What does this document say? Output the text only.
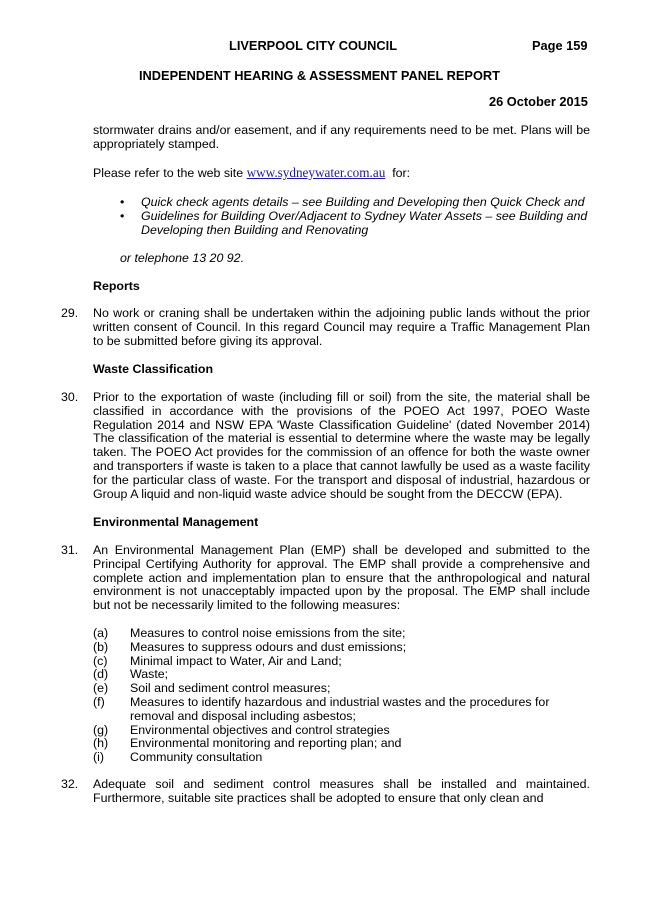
LIVERPOOL CITY COUNCIL	Page 159
INDEPENDENT HEARING & ASSESSMENT PANEL REPORT
26 October 2015
stormwater drains and/or easement, and if any requirements need to be met. Plans will be appropriately stamped.
Please refer to the web site www.sydneywater.com.au for:
• Quick check agents details – see Building and Developing then Quick Check and
• Guidelines for Building Over/Adjacent to Sydney Water Assets – see Building and Developing then Building and Renovating
or telephone 13 20 92.
Reports
29. No work or craning shall be undertaken within the adjoining public lands without the prior written consent of Council. In this regard Council may require a Traffic Management Plan to be submitted before giving its approval.
Waste Classification
30. Prior to the exportation of waste (including fill or soil) from the site, the material shall be classified in accordance with the provisions of the POEO Act 1997, POEO Waste Regulation 2014 and NSW EPA 'Waste Classification Guideline' (dated November 2014) The classification of the material is essential to determine where the waste may be legally taken. The POEO Act provides for the commission of an offence for both the waste owner and transporters if waste is taken to a place that cannot lawfully be used as a waste facility for the particular class of waste. For the transport and disposal of industrial, hazardous or Group A liquid and non-liquid waste advice should be sought from the DECCW (EPA).
Environmental Management
31. An Environmental Management Plan (EMP) shall be developed and submitted to the Principal Certifying Authority for approval. The EMP shall provide a comprehensive and complete action and implementation plan to ensure that the anthropological and natural environment is not unacceptably impacted upon by the proposal. The EMP shall include but not be necessarily limited to the following measures:
(a) Measures to control noise emissions from the site;
(b) Measures to suppress odours and dust emissions;
(c) Minimal impact to Water, Air and Land;
(d) Waste;
(e) Soil and sediment control measures;
(f) Measures to identify hazardous and industrial wastes and the procedures for removal and disposal including asbestos;
(g) Environmental objectives and control strategies
(h) Environmental monitoring and reporting plan; and
(i) Community consultation
32. Adequate soil and sediment control measures shall be installed and maintained. Furthermore, suitable site practices shall be adopted to ensure that only clean and
